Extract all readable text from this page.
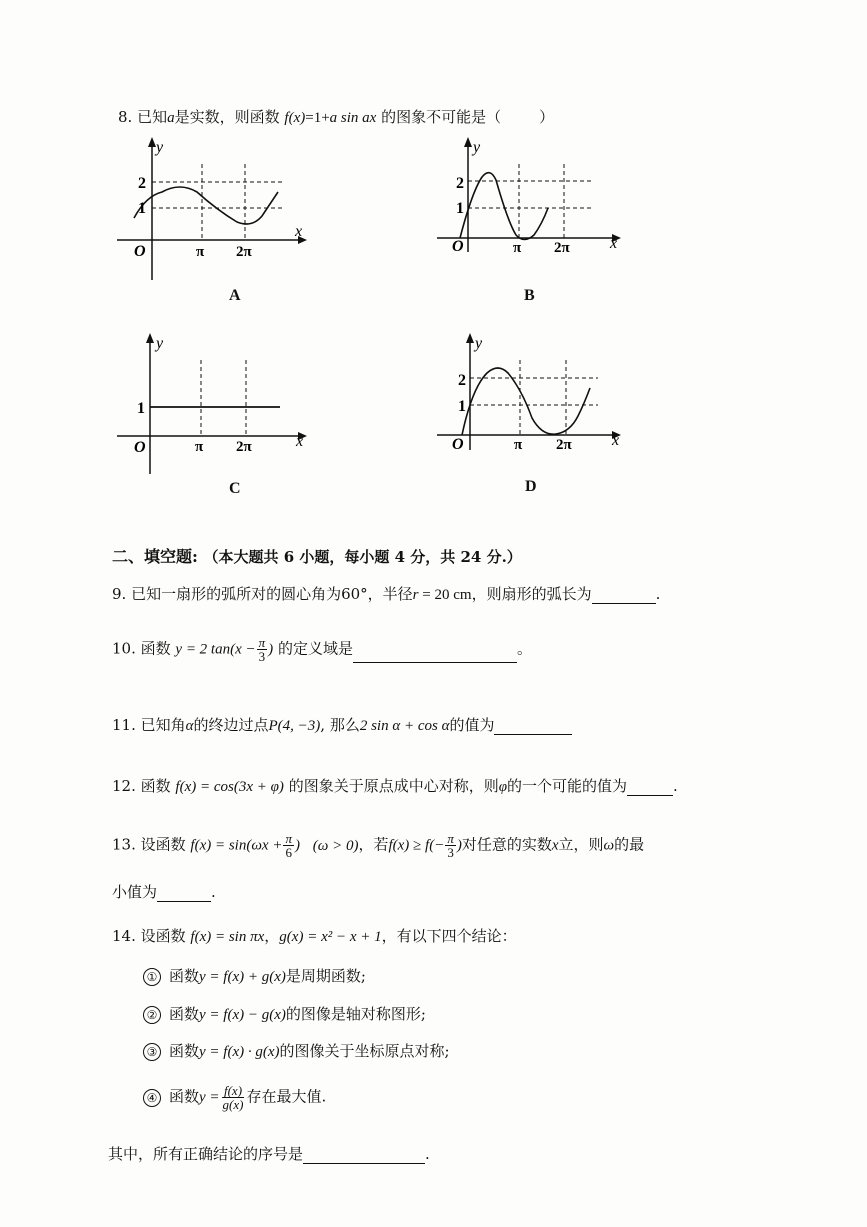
8. 已知a是实数，则函数 f(x)=1+a sin ax 的图象不可能是（	）
y
x
O
2
1
π 2π
A
y
x
O
2
1
π 2π
B
y
x
O
1
π 2π
C
y
x
O
2
1
π 2π
D
二、填空题: （本大题共 6 小题，每小题 4 分，共 24 分.）
9. 已知一扇形的弧所对的圆心角为60°，半径r = 20 cm，则扇形的弧长为	.
10. 函数 y = 2 $\tan(x - \frac{\pi}{3}$ ) 的定义域是	。
11. 已知角α的终边过点P(4, −3), 那么2 sin α + cos α的值为
12. 函数 f(x) = cos(3x + φ) 的图象关于原点成中心对称，则φ的一个可能的值为	.
13. 设函数 $f(x) = \sin(\omega x + \frac{\pi}{6}$ ) (ω > 0)，若$f(x) \ge f(- \frac{\pi}{3}$ )对任意的实数x立，则ω的最
小值为	.
14. 设函数 f(x) = sin πx，g(x) = x² − x + 1，有以下四个结论：
① 函数y = f(x) + g(x)是周期函数;
② 函数y = f(x) − g(x)的图像是轴对称图形;
③ 函数y = f(x) · g(x)的图像关于坐标原点对称;
④ 函数$y = \frac{f(x)}{g(x)}$ 存在最大值.
其中，所有正确结论的序号是	.
